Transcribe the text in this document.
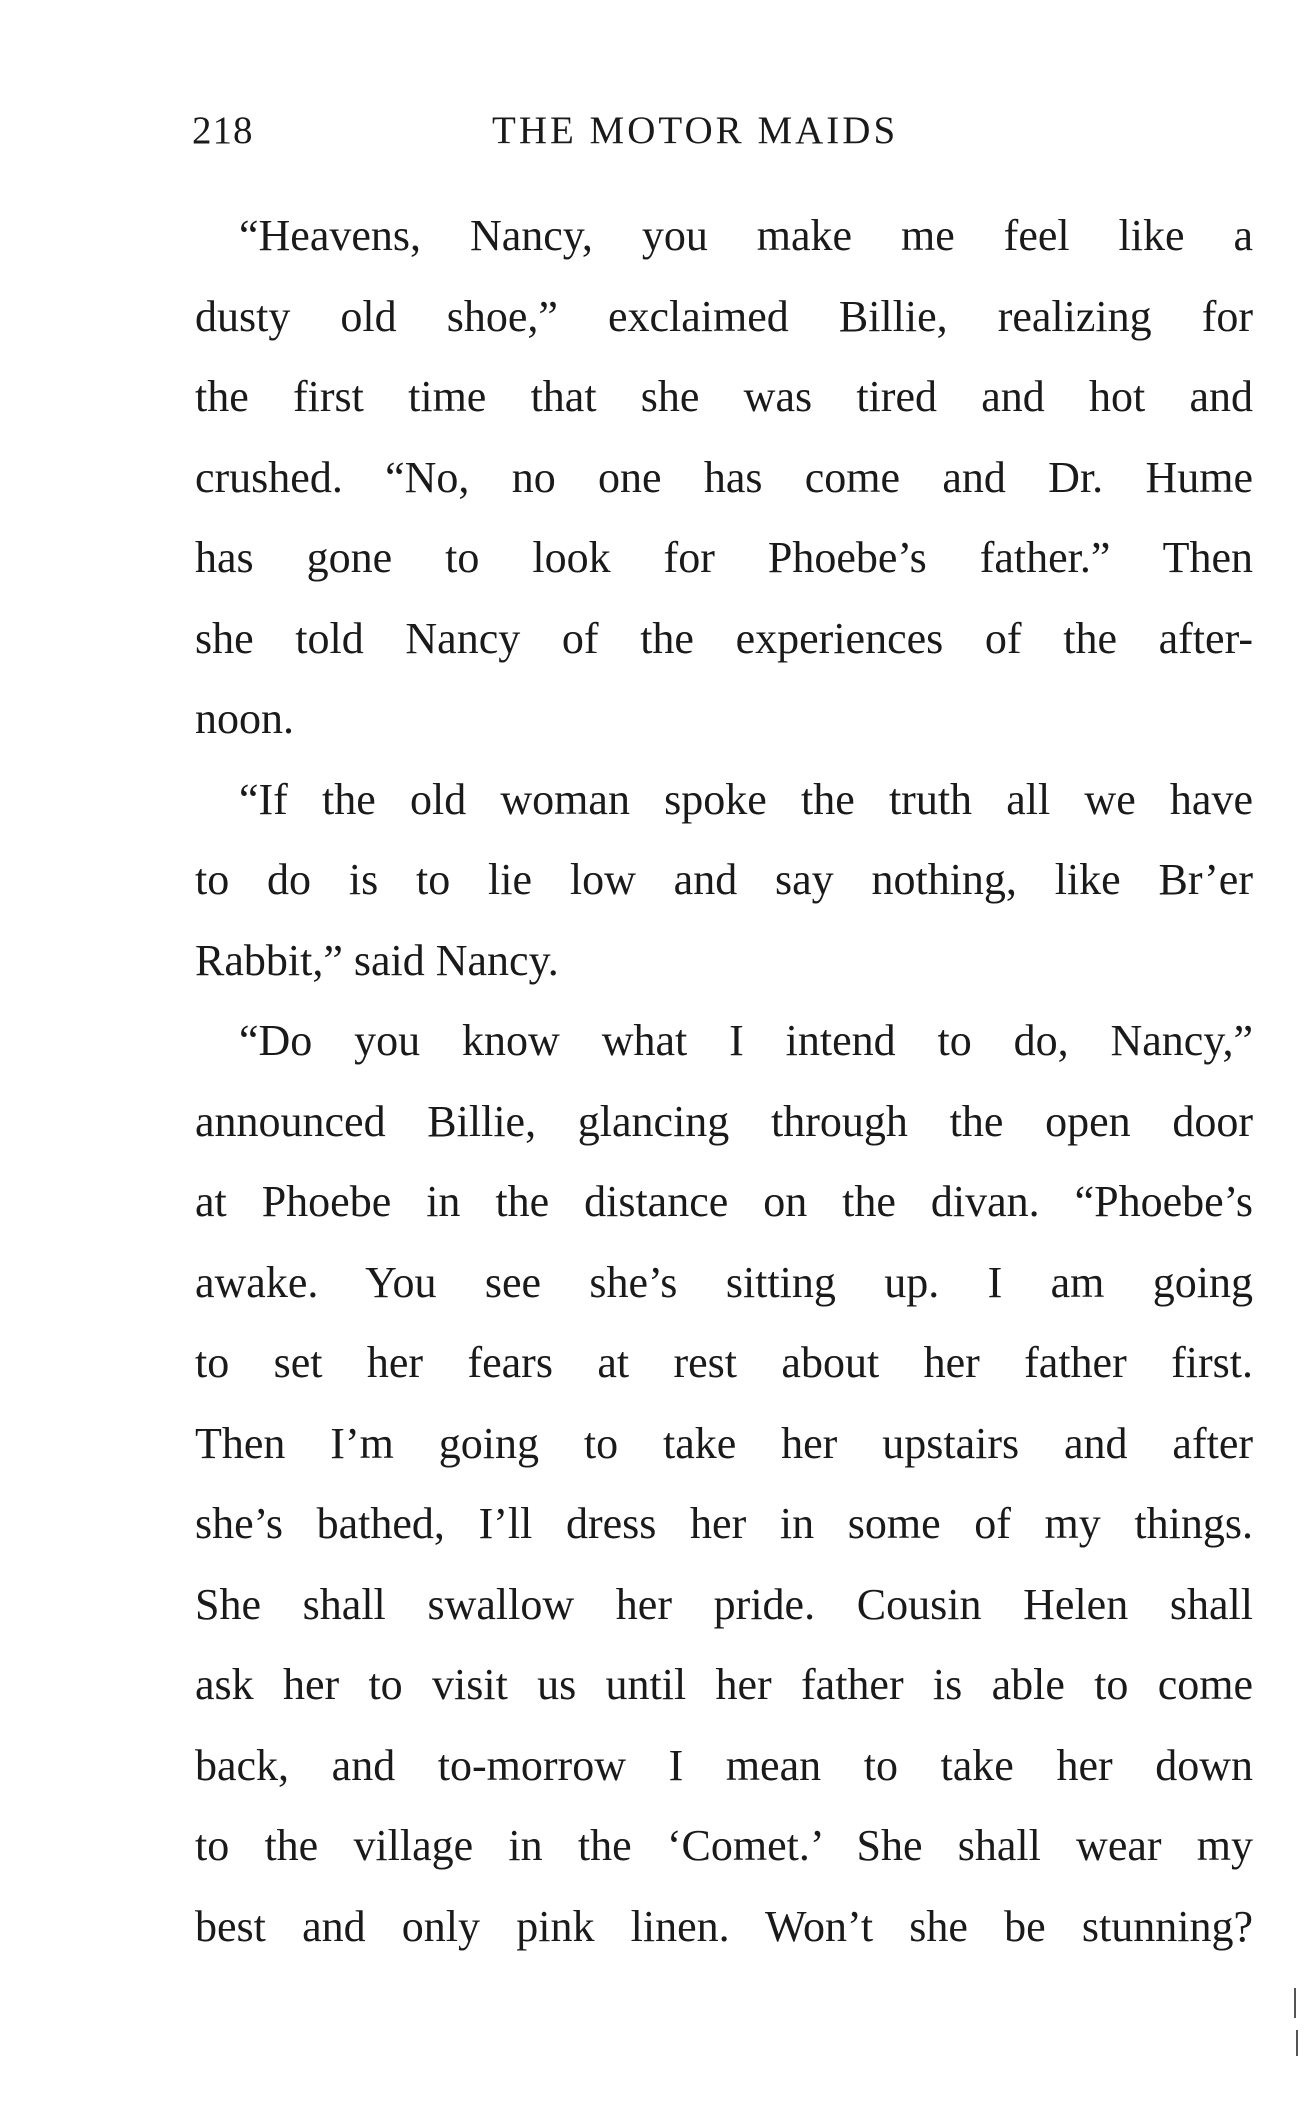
218	THE MOTOR MAIDS
“Heavens, Nancy, you make me feel like a
dusty old shoe,” exclaimed Billie, realizing for
the first time that she was tired and hot and
crushed. “No, no one has come and Dr. Hume
has gone to look for Phoebe’s father.” Then
she told Nancy of the experiences of the after-
noon.
“If the old woman spoke the truth all we have
to do is to lie low and say nothing, like Br’er
Rabbit,” said Nancy.
“Do you know what I intend to do, Nancy,”
announced Billie, glancing through the open door
at Phoebe in the distance on the divan. “Phoebe’s
awake. You see she’s sitting up. I am going
to set her fears at rest about her father first.
Then I’m going to take her upstairs and after
she’s bathed, I’ll dress her in some of my things.
She shall swallow her pride. Cousin Helen shall
ask her to visit us until her father is able to come
back, and to-morrow I mean to take her down
to the village in the ‘Comet.’ She shall wear my
best and only pink linen. Won’t she be stunning?
